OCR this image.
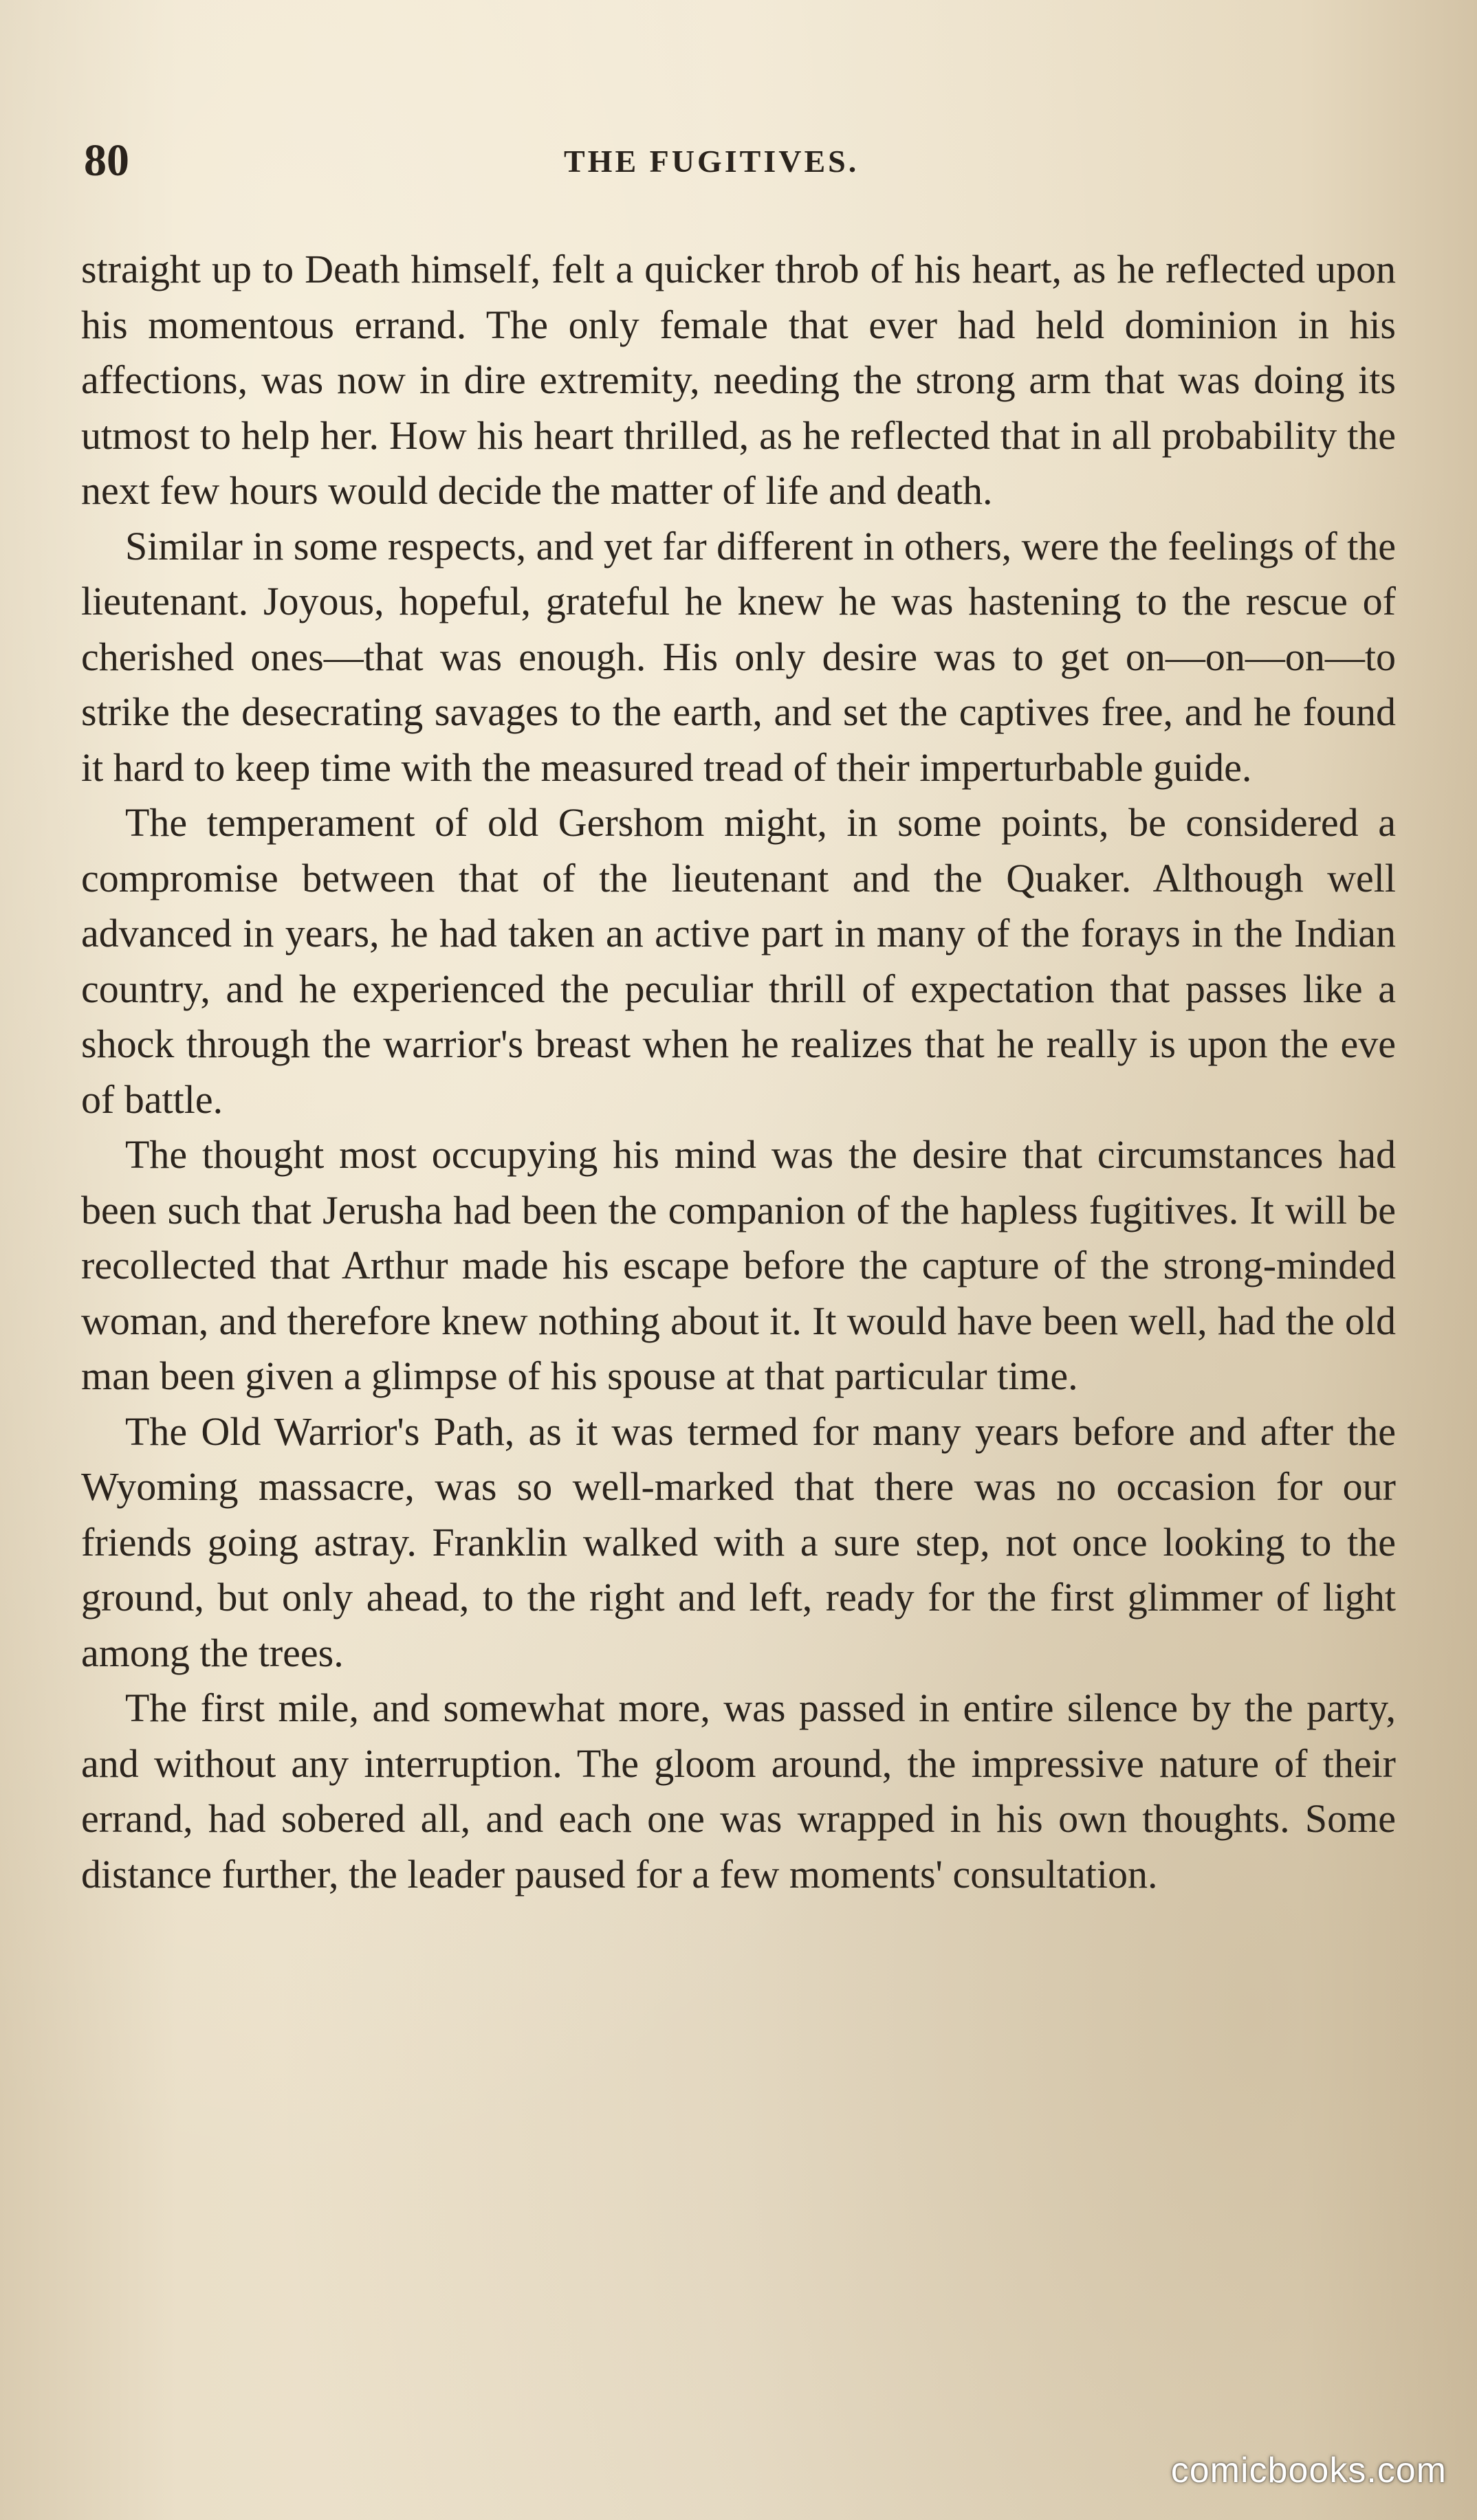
80	THE FUGITIVES.

straight up to Death himself, felt a quicker throb of his heart, as he reflected upon his momentous errand. The only female that ever had held dominion in his affections, was now in dire extremity, needing the strong arm that was doing its utmost to help her. How his heart thrilled, as he reflected that in all probability the next few hours would decide the matter of life and death.

Similar in some respects, and yet far different in others, were the feelings of the lieutenant. Joyous, hopeful, grateful he knew he was hastening to the rescue of cherished ones—that was enough. His only desire was to get on—on—on—to strike the desecrating savages to the earth, and set the captives free, and he found it hard to keep time with the measured tread of their imperturbable guide.

The temperament of old Gershom might, in some points, be considered a compromise between that of the lieutenant and the Quaker. Although well advanced in years, he had taken an active part in many of the forays in the Indian country, and he experienced the peculiar thrill of expectation that passes like a shock through the warrior's breast when he realizes that he really is upon the eve of battle.

The thought most occupying his mind was the desire that circumstances had been such that Jerusha had been the companion of the hapless fugitives. It will be recollected that Arthur made his escape before the capture of the strong-minded woman, and therefore knew nothing about it. It would have been well, had the old man been given a glimpse of his spouse at that particular time.

The Old Warrior's Path, as it was termed for many years before and after the Wyoming massacre, was so well-marked that there was no occasion for our friends going astray. Franklin walked with a sure step, not once looking to the ground, but only ahead, to the right and left, ready for the first glimmer of light among the trees.

The first mile, and somewhat more, was passed in entire silence by the party, and without any interruption. The gloom around, the impressive nature of their errand, had sobered all, and each one was wrapped in his own thoughts. Some distance further, the leader paused for a few moments' consultation.

comicbooks.com
